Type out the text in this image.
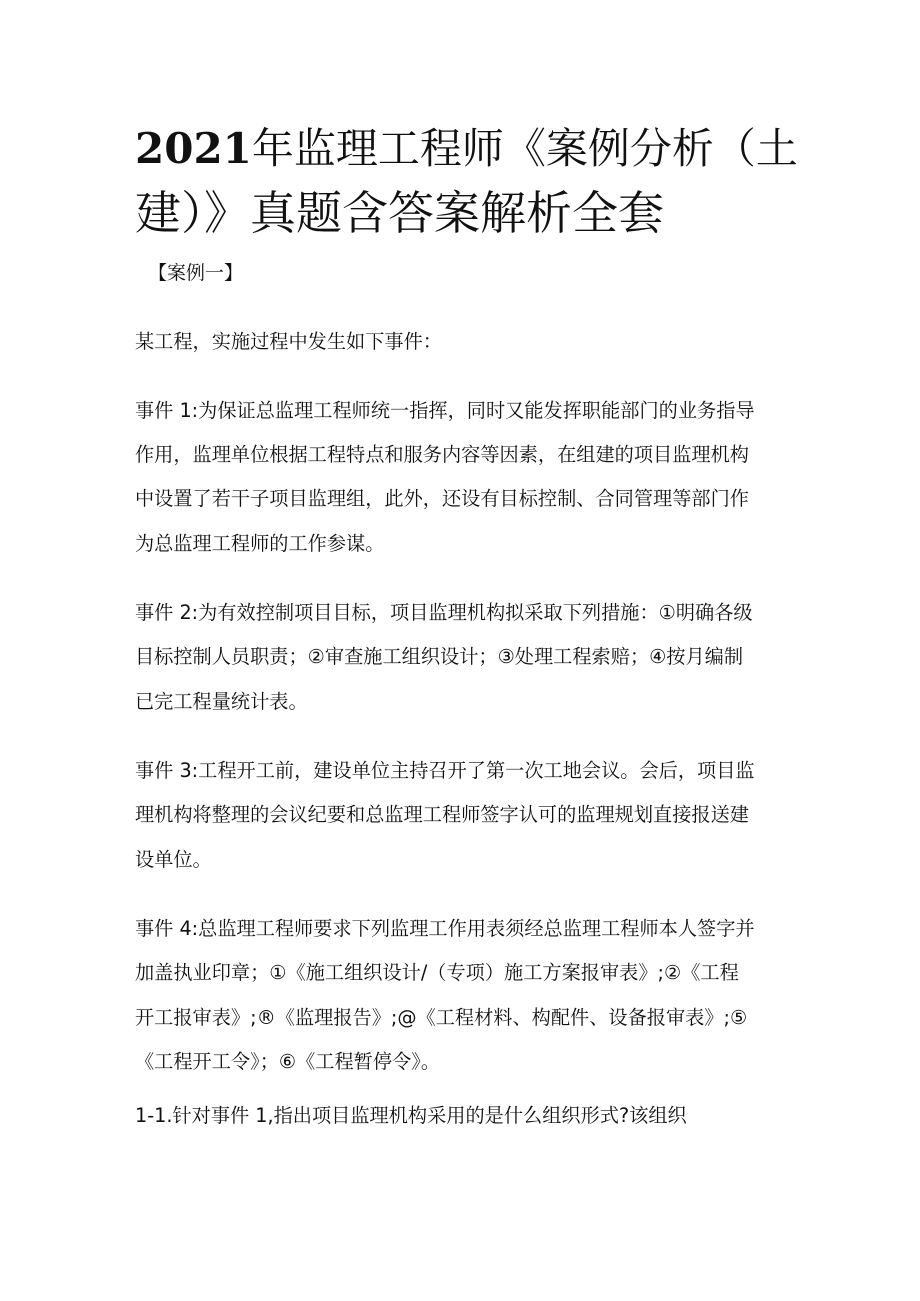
2021年监理工程师《案例分析（土
建）》真题含答案解析全套

【案例一】

某工程，实施过程中发生如下事件：

事件 1:为保证总监理工程师统一指挥，同时又能发挥职能部门的业务指导

作用，监理单位根据工程特点和服务内容等因素，在组建的项目监理机构

中设置了若干子项目监理组，此外，还设有目标控制、合同管理等部门作

为总监理工程师的工作参谋。

事件 2:为有效控制项目目标，项目监理机构拟采取下列措施：①明确各级

目标控制人员职责；②审查施工组织设计；③处理工程索赔；④按月编制

已完工程量统计表。

事件 3:工程开工前，建设单位主持召开了第一次工地会议。会后，项目监

理机构将整理的会议纪要和总监理工程师签字认可的监理规划直接报送建

设单位。

事件 4:总监理工程师要求下列监理工作用表须经总监理工程师本人签字并

加盖执业印章；①《施工组织设计/（专项）施工方案报审表》;②《工程

开工报审表》;®《监理报告》;@《工程材料、构配件、设备报审表》;⑤

《工程开工令》；⑥《工程暂停令》。

1-1.针对事件 1,指出项目监理机构采用的是什么组织形式?该组织
